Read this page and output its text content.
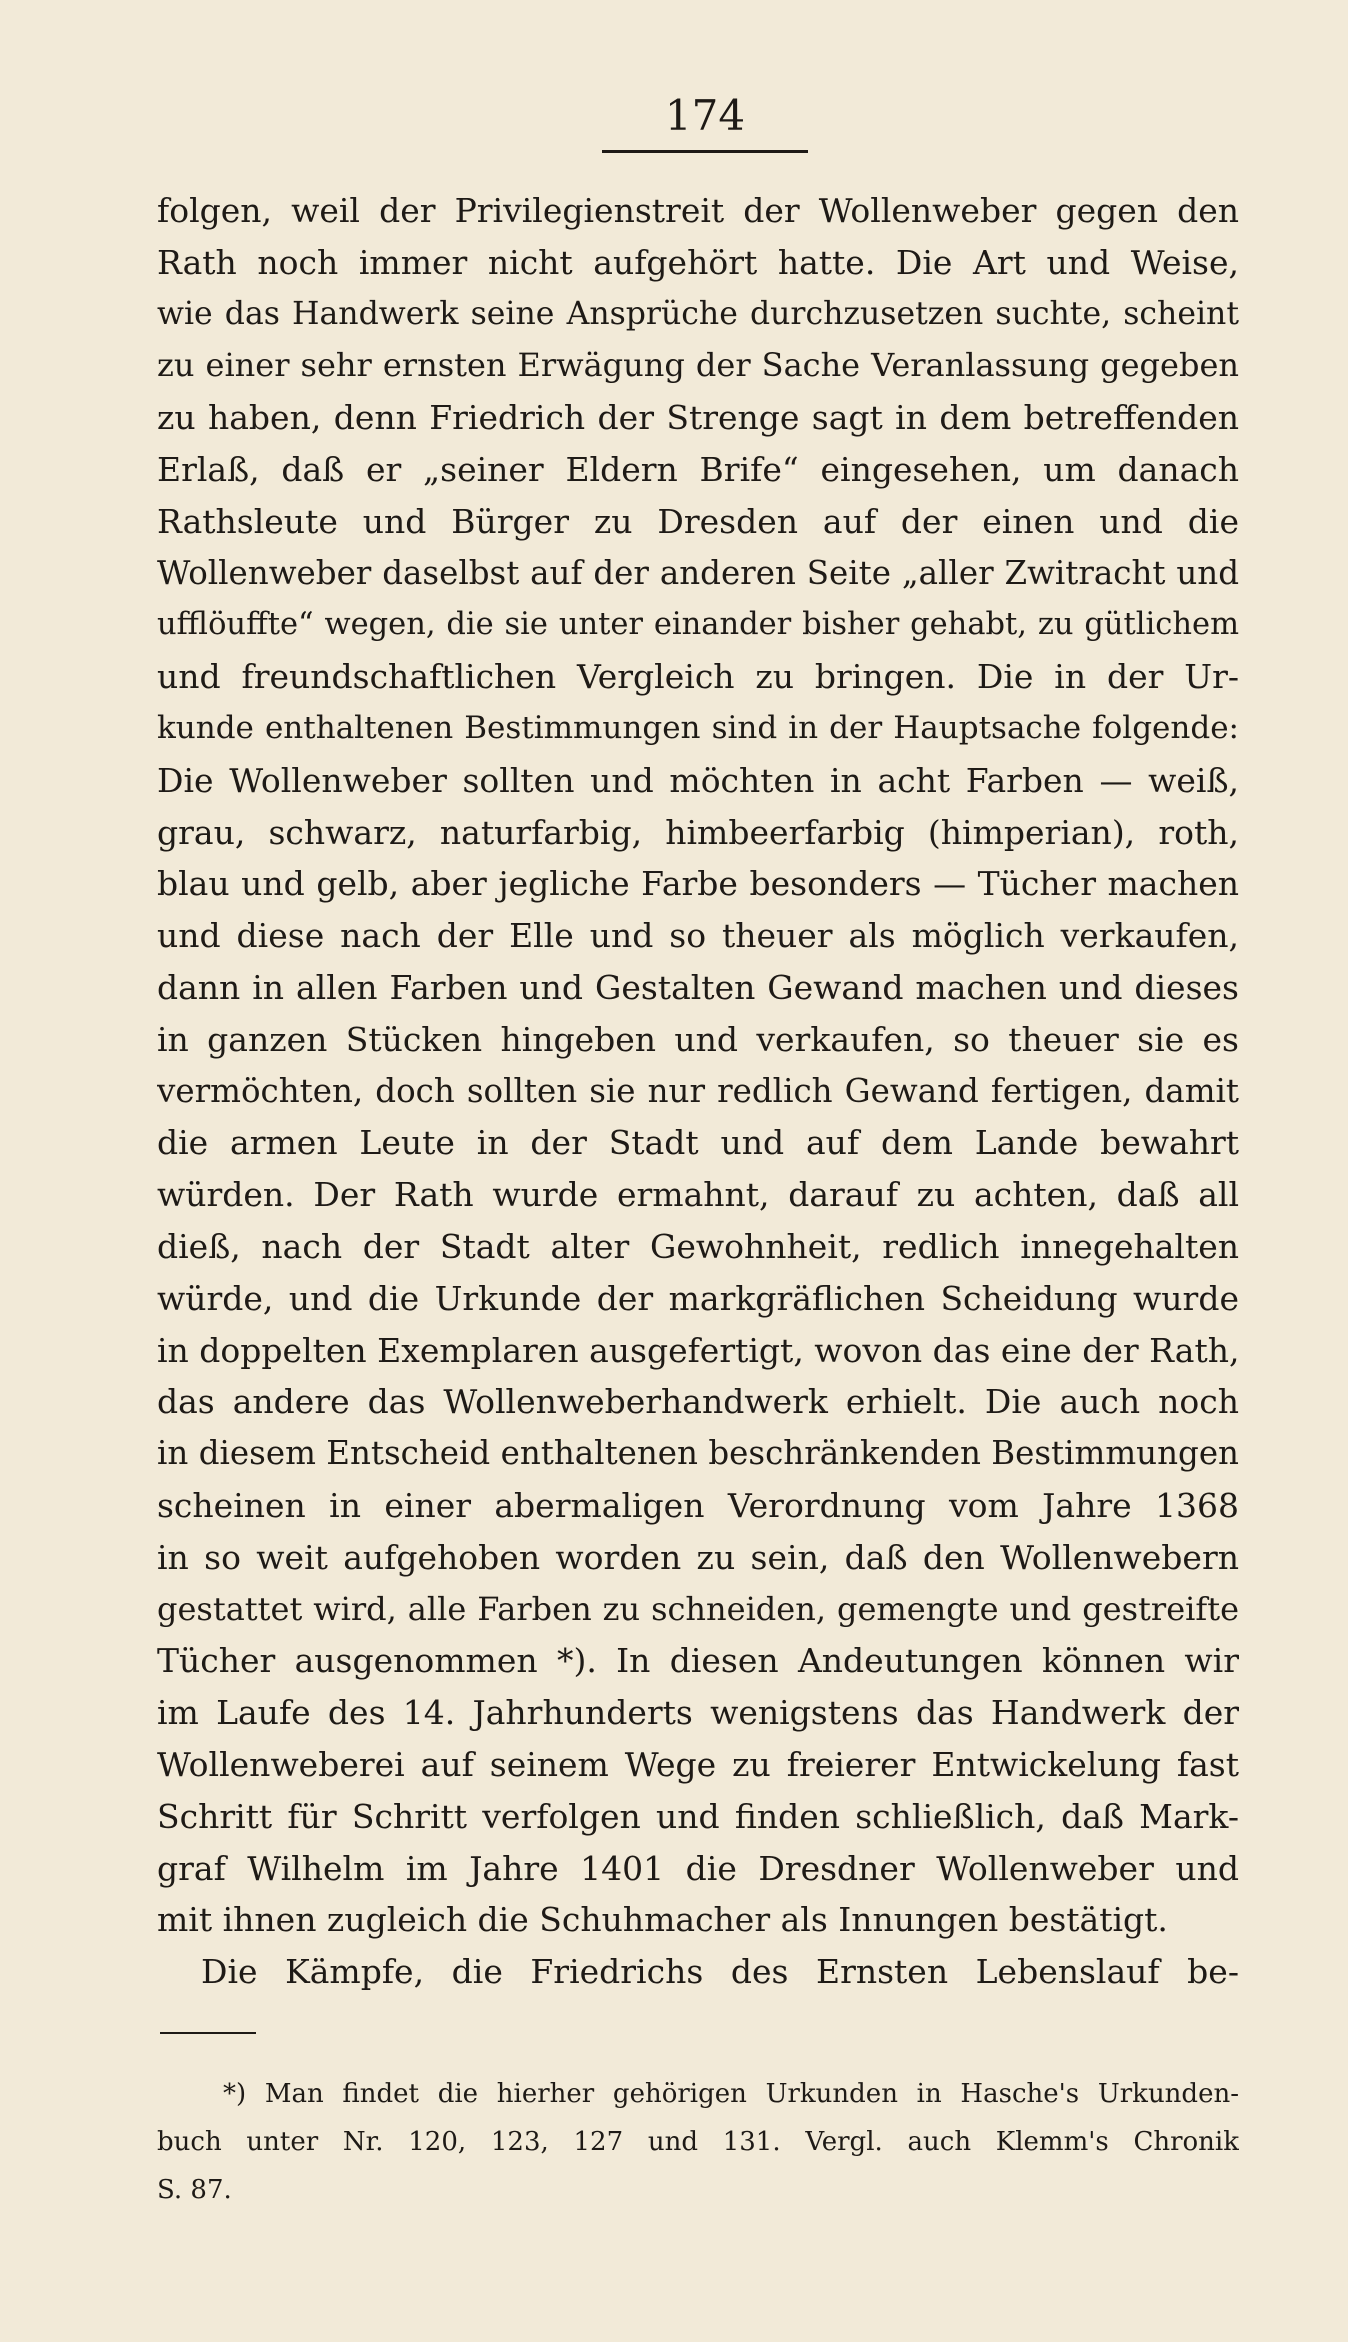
174
folgen, weil der Privilegienstreit der Wollenweber gegen den
Rath noch immer nicht aufgehört hatte. Die Art und Weise,
wie das Handwerk seine Ansprüche durchzusetzen suchte, scheint
zu einer sehr ernsten Erwägung der Sache Veranlassung gegeben
zu haben, denn Friedrich der Strenge sagt in dem betreffenden
Erlaß, daß er „seiner Eldern Brife“ eingesehen, um danach
Rathsleute und Bürger zu Dresden auf der einen und die
Wollenweber daselbst auf der anderen Seite „aller Zwitracht und
ufflöuffte“ wegen, die sie unter einander bisher gehabt, zu gütlichem
und freundschaftlichen Vergleich zu bringen. Die in der Ur-
kunde enthaltenen Bestimmungen sind in der Hauptsache folgende:
Die Wollenweber sollten und möchten in acht Farben — weiß,
grau, schwarz, naturfarbig, himbeerfarbig (himperian), roth,
blau und gelb, aber jegliche Farbe besonders — Tücher machen
und diese nach der Elle und so theuer als möglich verkaufen,
dann in allen Farben und Gestalten Gewand machen und dieses
in ganzen Stücken hingeben und verkaufen, so theuer sie es
vermöchten, doch sollten sie nur redlich Gewand fertigen, damit
die armen Leute in der Stadt und auf dem Lande bewahrt
würden. Der Rath wurde ermahnt, darauf zu achten, daß all
dieß, nach der Stadt alter Gewohnheit, redlich innegehalten
würde, und die Urkunde der markgräflichen Scheidung wurde
in doppelten Exemplaren ausgefertigt, wovon das eine der Rath,
das andere das Wollenweberhandwerk erhielt. Die auch noch
in diesem Entscheid enthaltenen beschränkenden Bestimmungen
scheinen in einer abermaligen Verordnung vom Jahre 1368
in so weit aufgehoben worden zu sein, daß den Wollenwebern
gestattet wird, alle Farben zu schneiden, gemengte und gestreifte
Tücher ausgenommen *). In diesen Andeutungen können wir
im Laufe des 14. Jahrhunderts wenigstens das Handwerk der
Wollenweberei auf seinem Wege zu freierer Entwickelung fast
Schritt für Schritt verfolgen und finden schließlich, daß Mark-
graf Wilhelm im Jahre 1401 die Dresdner Wollenweber und
mit ihnen zugleich die Schuhmacher als Innungen bestätigt.
Die Kämpfe, die Friedrichs des Ernsten Lebenslauf be-
*) Man findet die hierher gehörigen Urkunden in Hasche's Urkunden-
buch unter Nr. 120, 123, 127 und 131. Vergl. auch Klemm's Chronik
S. 87.
